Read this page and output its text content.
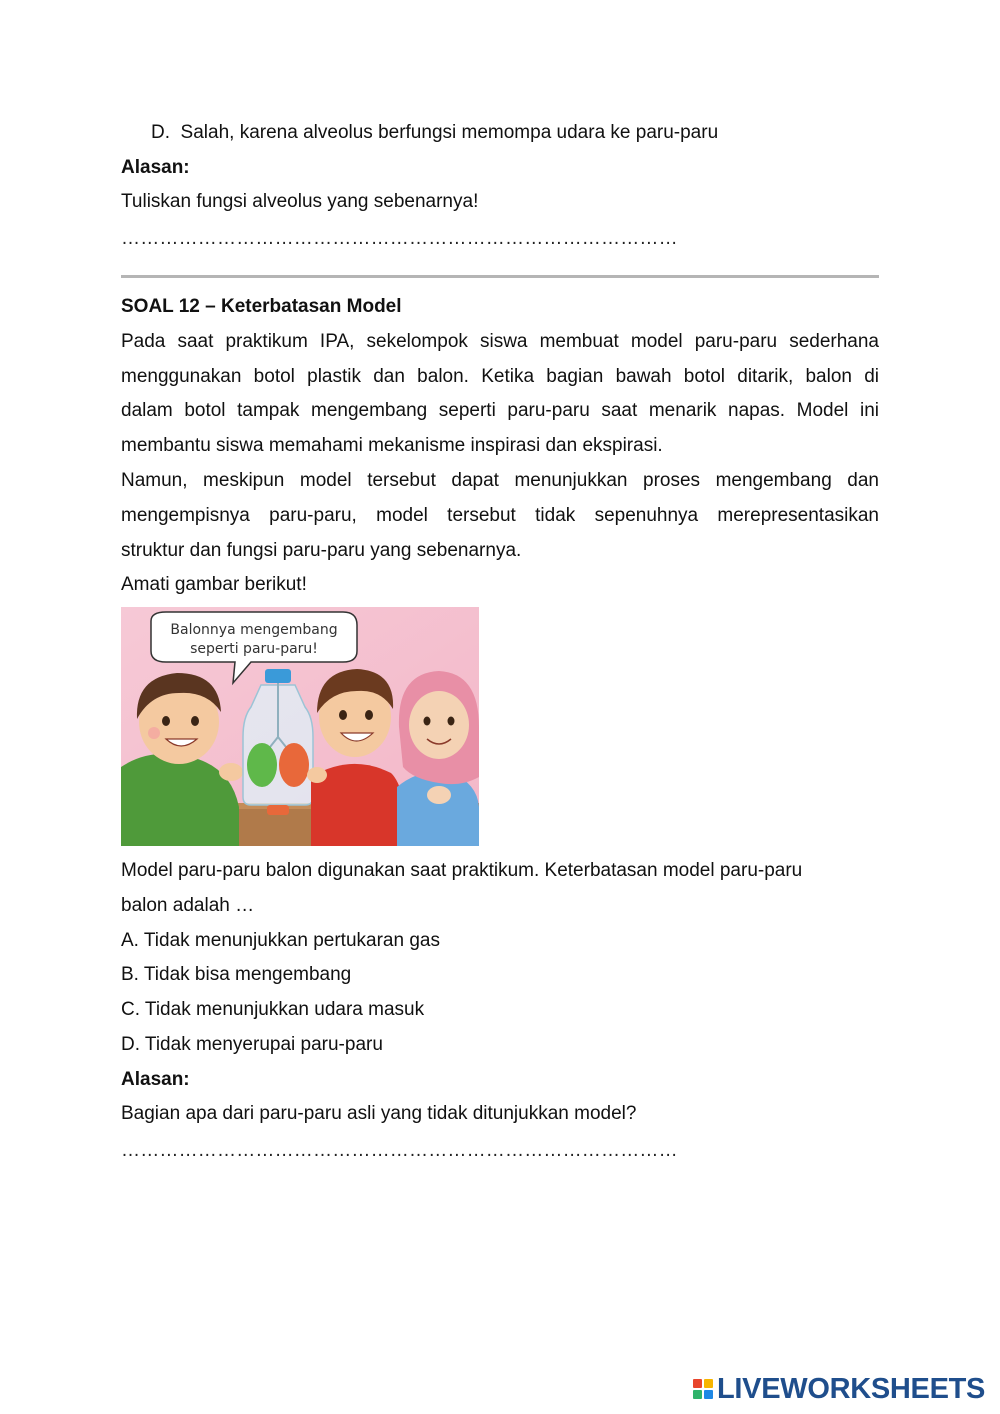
D.  Salah, karena alveolus berfungsi memompa udara ke paru-paru
Alasan:
Tuliskan fungsi alveolus yang sebenarnya!
……………………………………………………………………………
SOAL 12 – Keterbatasan Model
Pada saat praktikum IPA, sekelompok siswa membuat model paru-paru sederhana
menggunakan botol plastik dan balon. Ketika bagian bawah botol ditarik, balon di
dalam botol tampak mengembang seperti paru-paru saat menarik napas. Model ini
membantu siswa memahami mekanisme inspirasi dan ekspirasi.
Namun, meskipun model tersebut dapat menunjukkan proses mengembang dan
mengempisnya paru-paru, model tersebut tidak sepenuhnya merepresentasikan
struktur dan fungsi paru-paru yang sebenarnya.
Amati gambar berikut!
Balonnya mengembang
seperti paru-paru!
Model paru-paru balon digunakan saat praktikum. Keterbatasan model paru-paru
balon adalah …
A. Tidak menunjukkan pertukaran gas
B. Tidak bisa mengembang
C. Tidak menunjukkan udara masuk
D. Tidak menyerupai paru-paru
Alasan:
Bagian apa dari paru-paru asli yang tidak ditunjukkan model?
……………………………………………………………………………
LIVEWORKSHEETS
